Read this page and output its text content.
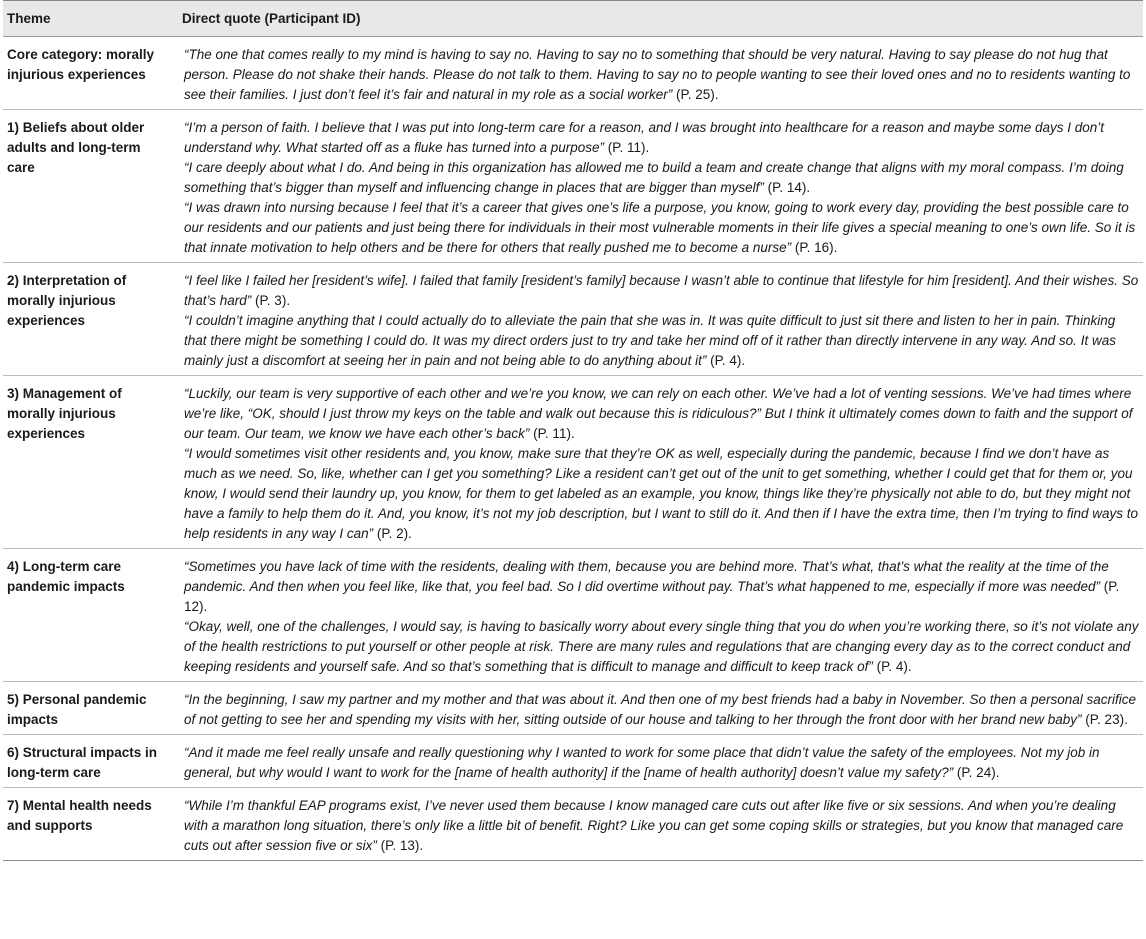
Theme	Direct quote (Participant ID)
Core category: morally injurious experiences	“The one that comes really to my mind is having to say no. Having to say no to something that should be very natural. Having to say please do not hug that person. Please do not shake their hands. Please do not talk to them. Having to say no to people wanting to see their loved ones and no to residents wanting to see their families. I just don’t feel it’s fair and natural in my role as a social worker” (P. 25).

1) Beliefs about older adults and long-term care	“I’m a person of faith. I believe that I was put into long-term care for a reason, and I was brought into healthcare for a reason and maybe some days I don’t understand why. What started off as a fluke has turned into a purpose” (P. 11).

“I care deeply about what I do. And being in this organization has allowed me to build a team and create change that aligns with my moral compass. I’m doing something that’s bigger than myself and influencing change in places that are bigger than myself” (P. 14).

“I was drawn into nursing because I feel that it’s a career that gives one’s life a purpose, you know, going to work every day, providing the best possible care to our residents and our patients and just being there for individuals in their most vulnerable moments in their life gives a special meaning to one’s own life. So it is that innate motivation to help others and be there for others that really pushed me to become a nurse” (P. 16).

2) Interpretation of morally injurious experiences	“I feel like I failed her [resident’s wife]. I failed that family [resident’s family] because I wasn’t able to continue that lifestyle for him [resident]. And their wishes. So that’s hard” (P. 3).

“I couldn’t imagine anything that I could actually do to alleviate the pain that she was in. It was quite difficult to just sit there and listen to her in pain. Thinking that there might be something I could do. It was my direct orders just to try and take her mind off of it rather than directly intervene in any way. And so. It was mainly just a discomfort at seeing her in pain and not being able to do anything about it” (P. 4).

3) Management of morally injurious experiences	“Luckily, our team is very supportive of each other and we’re you know, we can rely on each other. We’ve had a lot of venting sessions. We’ve had times where we’re like, “OK, should I just throw my keys on the table and walk out because this is ridiculous?” But I think it ultimately comes down to faith and the support of our team. Our team, we know we have each other’s back” (P. 11).

“I would sometimes visit other residents and, you know, make sure that they’re OK as well, especially during the pandemic, because I find we don’t have as much as we need. So, like, whether can I get you something? Like a resident can’t get out of the unit to get something, whether I could get that for them or, you know, I would send their laundry up, you know, for them to get labeled as an example, you know, things like they’re physically not able to do, but they might not have a family to help them do it. And, you know, it’s not my job description, but I want to still do it. And then if I have the extra time, then I’m trying to find ways to help residents in any way I can” (P. 2).

4) Long-term care pandemic impacts	“Sometimes you have lack of time with the residents, dealing with them, because you are behind more. That’s what, that’s what the reality at the time of the pandemic. And then when you feel like, like that, you feel bad. So I did overtime without pay. That’s what happened to me, especially if more was needed” (P. 12).

“Okay, well, one of the challenges, I would say, is having to basically worry about every single thing that you do when you’re working there, so it’s not violate any of the health restrictions to put yourself or other people at risk. There are many rules and regulations that are changing every day as to the correct conduct and keeping residents and yourself safe. And so that’s something that is difficult to manage and difficult to keep track of” (P. 4).

5) Personal pandemic impacts	“In the beginning, I saw my partner and my mother and that was about it. And then one of my best friends had a baby in November. So then a personal sacrifice of not getting to see her and spending my visits with her, sitting outside of our house and talking to her through the front door with her brand new baby” (P. 23).

6) Structural impacts in long-term care	“And it made me feel really unsafe and really questioning why I wanted to work for some place that didn’t value the safety of the employees. Not my job in general, but why would I want to work for the [name of health authority] if the [name of health authority] doesn’t value my safety?” (P. 24).

7) Mental health needs and supports	“While I’m thankful EAP programs exist, I’ve never used them because I know managed care cuts out after like five or six sessions. And when you’re dealing with a marathon long situation, there’s only like a little bit of benefit. Right? Like you can get some coping skills or strategies, but you know that managed care cuts out after session five or six” (P. 13).
